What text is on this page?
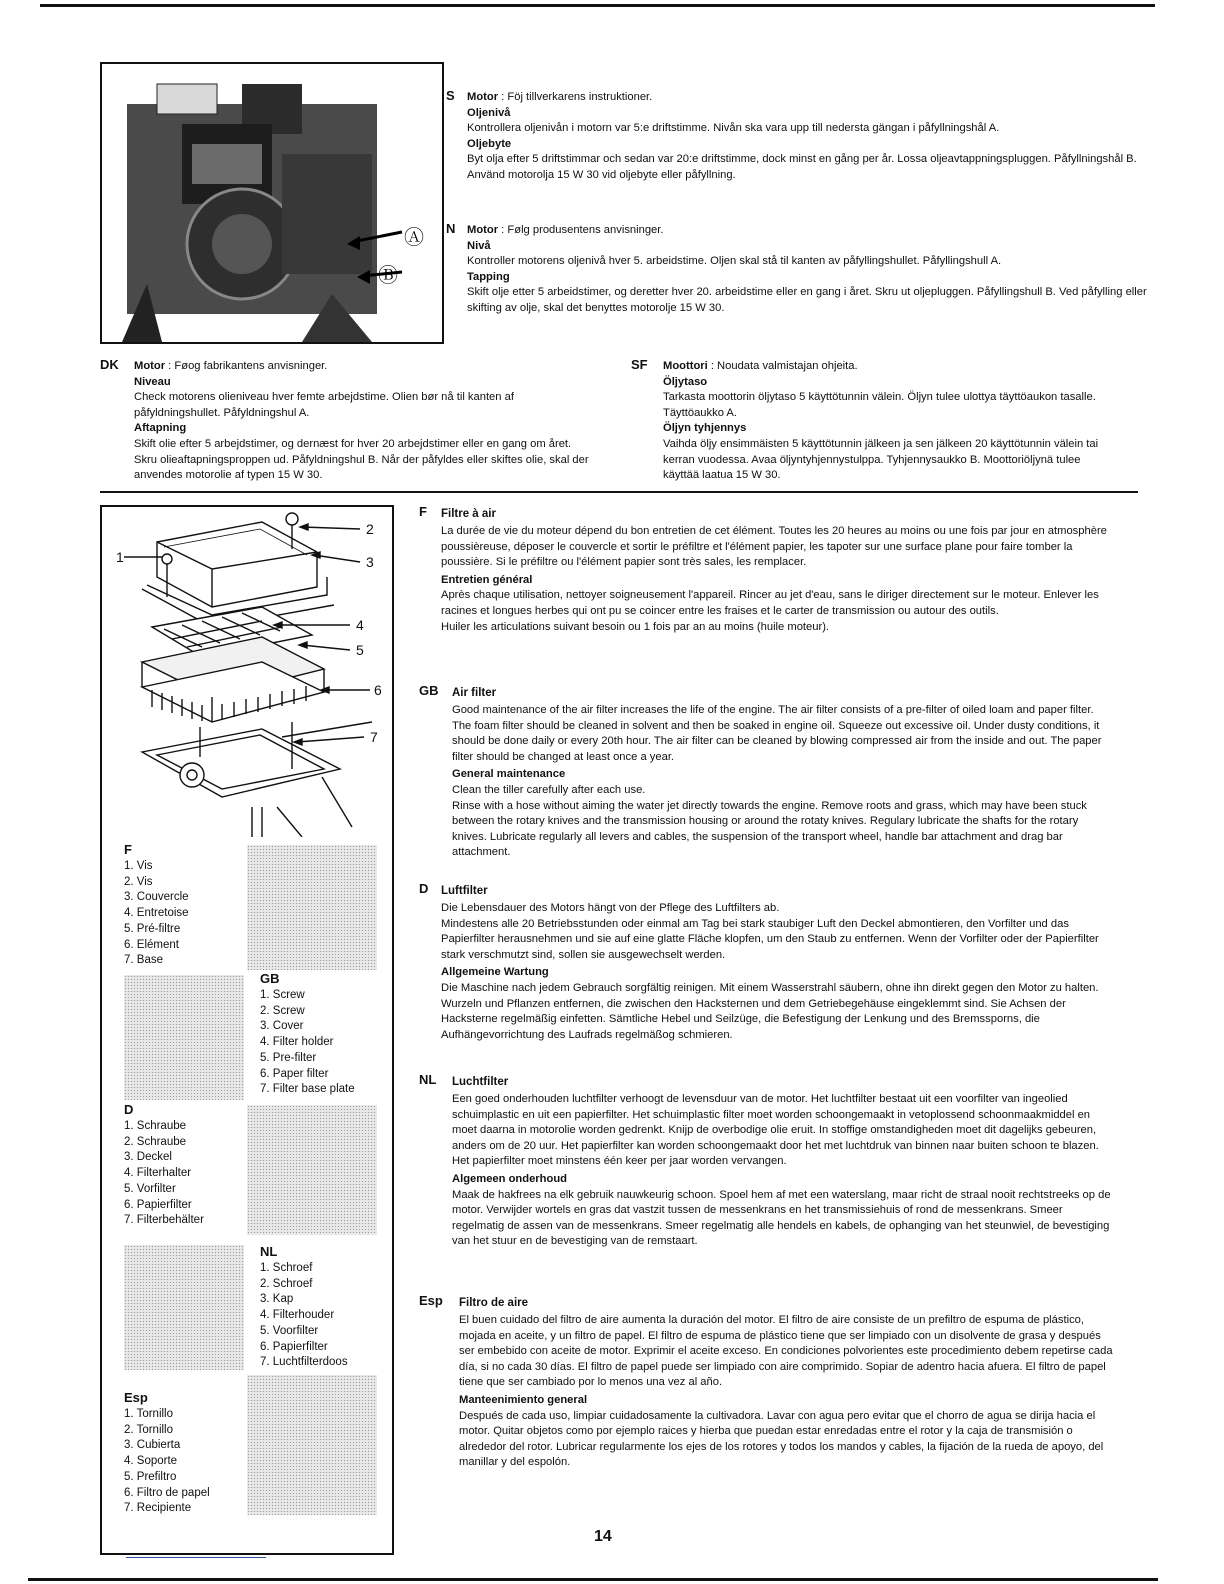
Ⓐ
Ⓑ
S Motor : Föj tillverkarens instruktioner.

Oljenivå

Kontrollera oljenivån i motorn var 5:e driftstimme. Nivån ska vara upp till nedersta gängan i påfyllningshål A.

Oljebyte

Byt olja efter 5 driftstimmar och sedan var 20:e driftstimme, dock minst en gång per år. Lossa oljeavtappningspluggen. Påfyllningshål B. Använd motorolja 15 W 30 vid oljebyte eller påfyllning.

N Motor : Følg produsentens anvisninger.

Nivå

Kontroller motorens oljenivå hver 5. arbeidstime. Oljen skal stå til kanten av påfyllingshullet. Påfyllingshull A.

Tapping

Skift olje etter 5 arbeidstimer, og deretter hver 20. arbeidstime eller en gang i året. Skru ut oljepluggen. Påfyllingshull B. Ved påfylling eller skifting av olje, skal det benyttes motorolje 15 W 30.

DK Motor : Føog fabrikantens anvisninger.

Niveau

Check motorens olieniveau hver femte arbejdstime. Olien bør nå til kanten af påfyldningshullet. Påfyldningshul A.

Aftapning

Skift olie efter 5 arbejdstimer, og dernæst for hver 20 arbejdstimer eller en gang om året. Skru olieaftapningsproppen ud. Påfyldningshul B. Når der påfyldes eller skiftes olie, skal der anvendes motorolie af typen 15 W 30.

SF Moottori : Noudata valmistajan ohjeita.

Öljytaso

Tarkasta moottorin öljytaso 5 käyttötunnin välein. Öljyn tulee ulottya täyttöaukon tasalle. Täyttöaukko A.

Öljyn tyhjennys

Vaihda öljy ensimmäisten 5 käyttötunnin jälkeen ja sen jälkeen 20 käyttötunnin välein tai kerran vuodessa. Avaa öljyntyhjennystulppa. Tyhjennysaukko B. Moottoriöljynä tulee käyttää laatua 15 W 30.

1
2
3
4
5
6
7
F
1. Vis
2. Vis
3. Couvercle
4. Entretoise
5. Pré-filtre
6. Elément
7. Base
GB
1. Screw
2. Screw
3. Cover
4. Filter holder
5. Pre-filter
6. Paper filter
7. Filter base plate
D
1. Schraube
2. Schraube
3. Deckel
4. Filterhalter
5. Vorfilter
6. Papierfilter
7. Filterbehälter
NL
1. Schroef
2. Schroef
3. Kap
4. Filterhouder
5. Voorfilter
6. Papierfilter
7. Luchtfilterdoos
Esp
1. Tornillo
2. Tornillo
3. Cubierta
4. Soporte
5. Prefiltro
6. Filtro de papel
7. Recipiente
F Filtre à air

La durée de vie du moteur dépend du bon entretien de cet élément. Toutes les 20 heures au moins ou une fois par jour en atmosphère poussièreuse, déposer le couvercle et sortir le préfiltre et l'élément papier, les tapoter sur une surface plane pour faire tomber la poussière. Si le préfiltre ou l'élément papier sont très sales, les remplacer.

Entretien général

Après chaque utilisation, nettoyer soigneusement l'appareil. Rincer au jet d'eau, sans le diriger directement sur le moteur. Enlever les racines et longues herbes qui ont pu se coincer entre les fraises et le carter de transmission ou autour des outils.

Huiler les articulations suivant besoin ou 1 fois par an au moins (huile moteur).

GB Air filter

Good maintenance of the air filter increases the life of the engine. The air filter consists of a pre-filter of oiled loam and paper filter. The foam filter should be cleaned in solvent and then be soaked in engine oil. Squeeze out excessive oil. Under dusty conditions, it should be done daily or every 20th hour. The air filter can be cleaned by blowing compressed air from the inside and out. The paper filter should be changed at least once a year.

General maintenance

Clean the tiller carefully after each use.

Rinse with a hose without aiming the water jet directly towards the engine. Remove roots and grass, which may have been stuck between the rotary knives and the transmission housing or around the rotaty knives. Regulary lubricate the shafts for the rotary knives. Lubricate regularly all levers and cables, the suspension of the transport wheel, handle bar attachment and drag bar attachment.

D Luftfilter

Die Lebensdauer des Motors hängt von der Pflege des Luftfilters ab.

Mindestens alle 20 Betriebsstunden oder einmal am Tag bei stark staubiger Luft den Deckel abmontieren, den Vorfilter und das Papierfilter herausnehmen und sie auf eine glatte Fläche klopfen, um den Staub zu entfernen. Wenn der Vorfilter oder der Papierfilter stark verschmutzt sind, sollen sie ausgewechselt werden.

Allgemeine Wartung

Die Maschine nach jedem Gebrauch sorgfältig reinigen. Mit einem Wasserstrahl säubern, ohne ihn direkt gegen den Motor zu halten. Wurzeln und Pflanzen entfernen, die zwischen den Hacksternen und dem Getriebegehäuse eingeklemmt sind. Sie Achsen der Hacksterne regelmäßig einfetten. Sämtliche Hebel und Seilzüge, die Befestigung der Lenkung und des Bremssporns, die Aufhängevorrichtung des Laufrads regelmäßog schmieren.

NL Luchtfilter

Een goed onderhouden luchtfilter verhoogt de levensduur van de motor. Het luchtfilter bestaat uit een voorfilter van ingeolied schuimplastic en uit een papierfilter. Het schuimplastic filter moet worden schoongemaakt in vetoplossend schoonmaakmiddel en moet daarna in motorolie worden gedrenkt. Knijp de overbodige olie eruit. In stoffige omstandigheden moet dit dagelijks gebeuren, anders om de 20 uur. Het papierfilter kan worden schoongemaakt door het met luchtdruk van binnen naar buiten schoon te blazen. Het papierfilter moet minstens één keer per jaar worden vervangen.

Algemeen onderhoud

Maak de hakfrees na elk gebruik nauwkeurig schoon. Spoel hem af met een waterslang, maar richt de straal nooit rechtstreeks op de motor. Verwijder wortels en gras dat vastzit tussen de messenkrans en het transmissiehuis of rond de messenkrans. Smeer regelmatig de assen van de messenkrans. Smeer regelmatig alle hendels en kabels, de ophanging van het steunwiel, de bevestiging van het stuur en de bevestiging van de remstaart.

Esp Filtro de aire

El buen cuidado del filtro de aire aumenta la duración del motor. El filtro de aire consiste de un prefiltro de espuma de plástico, mojada en aceite, y un filtro de papel. El filtro de espuma de plástico tiene que ser limpiado con un disolvente de grasa y después ser embebido con aceite de motor. Exprimir el aceite exceso. En condiciones polvorientes este procedimiento debem repetirse cada día, si no cada 30 días. El filtro de papel puede ser limpiado con aire comprimido. Sopiar de adentro hacia afuera. El filtro de papel tiene que ser cambiado por lo menos una vez al año.

Manteenimiento general

Después de cada uso, limpiar cuidadosamente la cultivadora. Lavar con agua pero evitar que el chorro de agua se dirija hacia el motor. Quitar objetos como por ejemplo raices y hierba que puedan estar enredadas entre el rotor y la caja de transmisión o alrededor del rotor. Lubricar regularmente los ejes de los rotores y todos los mandos y cables, la fijación de la rueda de apoyo, del manillar y del espolón.

14
